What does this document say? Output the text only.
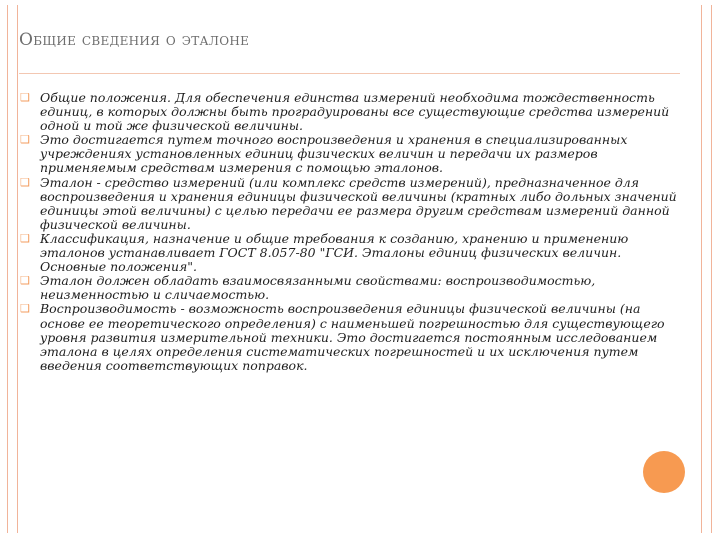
Общие сведения о эталоне
❑ Общие положения. Для обеспечения единства измерений необходима тождественность единиц, в которых должны быть проградуированы все существующие средства измерений одной и той же физической величины.
❑ Это достигается путем точного воспроизведения и хранения в специализированных учреждениях установленных единиц физических величин и передачи их размеров применяемым средствам измерения с помощью эталонов.
❑ Эталон - средство измерений (или комплекс средств измерений), предназначенное для воспроизведения и хранения единицы физической величины (кратных либо дольных значений единицы этой величины) с целью передачи ее размера другим средствам измерений данной физической величины.
❑ Классификация, назначение и общие требования к созданию, хранению и применению эталонов устанавливает ГОСТ 8.057-80 "ГСИ. Эталоны единиц физических величин. Основные положения".
❑ Эталон должен обладать взаимосвязанными свойствами: воспроизводимостью, неизменностью и сличаемостью.
❑ Воспроизводимость - возможность воспроизведения единицы физической величины (на основе ее теоретического определения) с наименьшей погрешностью для существующего уровня развития измерительной техники. Это достигается постоянным исследованием эталона в целях определения систематических погрешностей и их исключения путем введения соответствующих поправок.
